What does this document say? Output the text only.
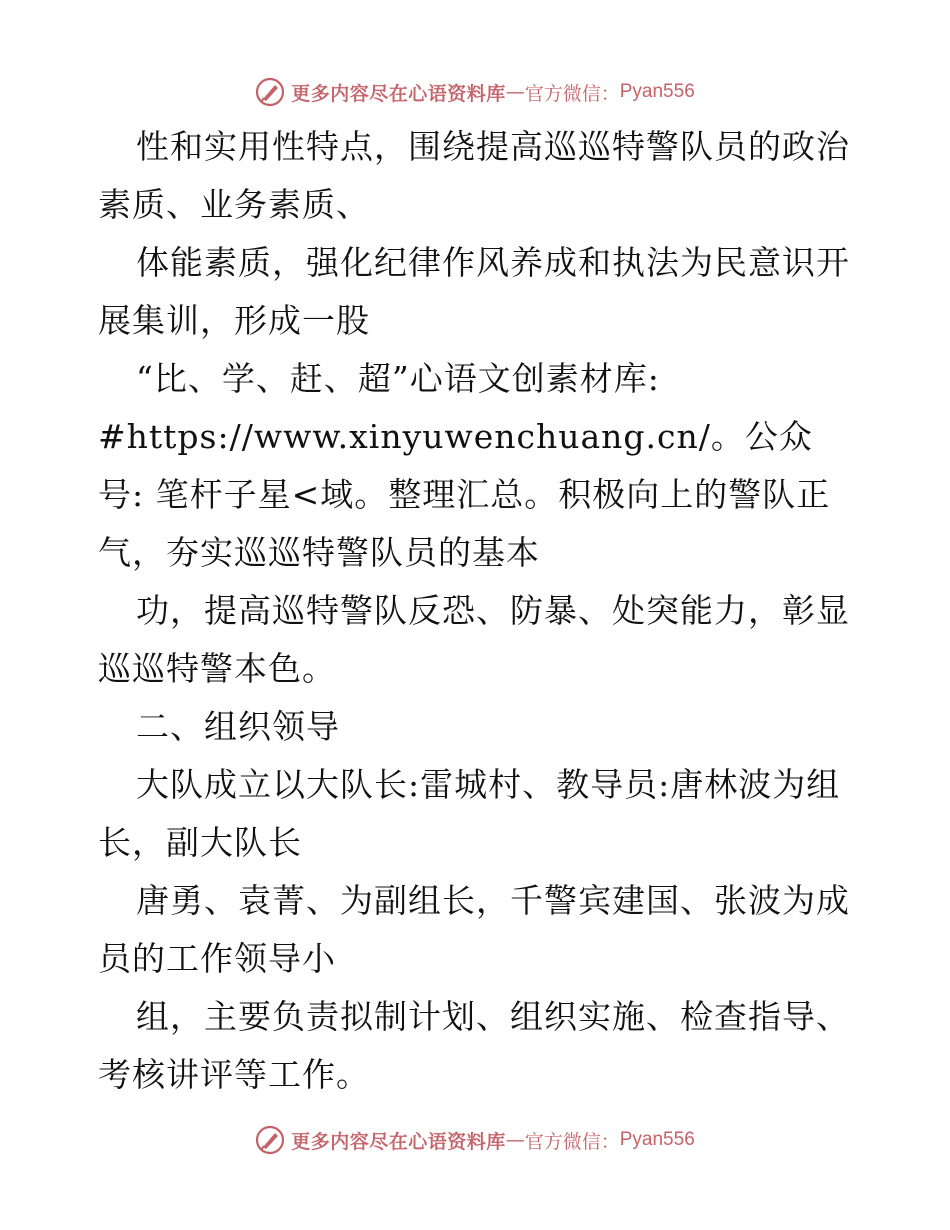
更多内容尽在心语资料库 — 官方微信： Pyan556

性和实用性特点，围绕提高巡巡特警队员的政治素质、业务素质、

体能素质，强化纪律作风养成和执法为民意识开展集训，形成一股

“比、学、赶、超”心语文创素材库:

#https://www.xinyuwenchuang.cn/。公众号: 笔杆子星<域。整理汇总。积极向上的警队正气，夯实巡巡特警队员的基本

功，提高巡特警队反恐、防暴、处突能力，彰显巡巡特警本色。

二、组织领导

大队成立以大队长:雷城村、教导员:唐林波为组长，副大队长

唐勇、袁菁、为副组长，千警宾建国、张波为成员的工作领导小

组，主要负责拟制计划、组织实施、检查指导、考核讲评等工作。

更多内容尽在心语资料库 — 官方微信： Pyan556
